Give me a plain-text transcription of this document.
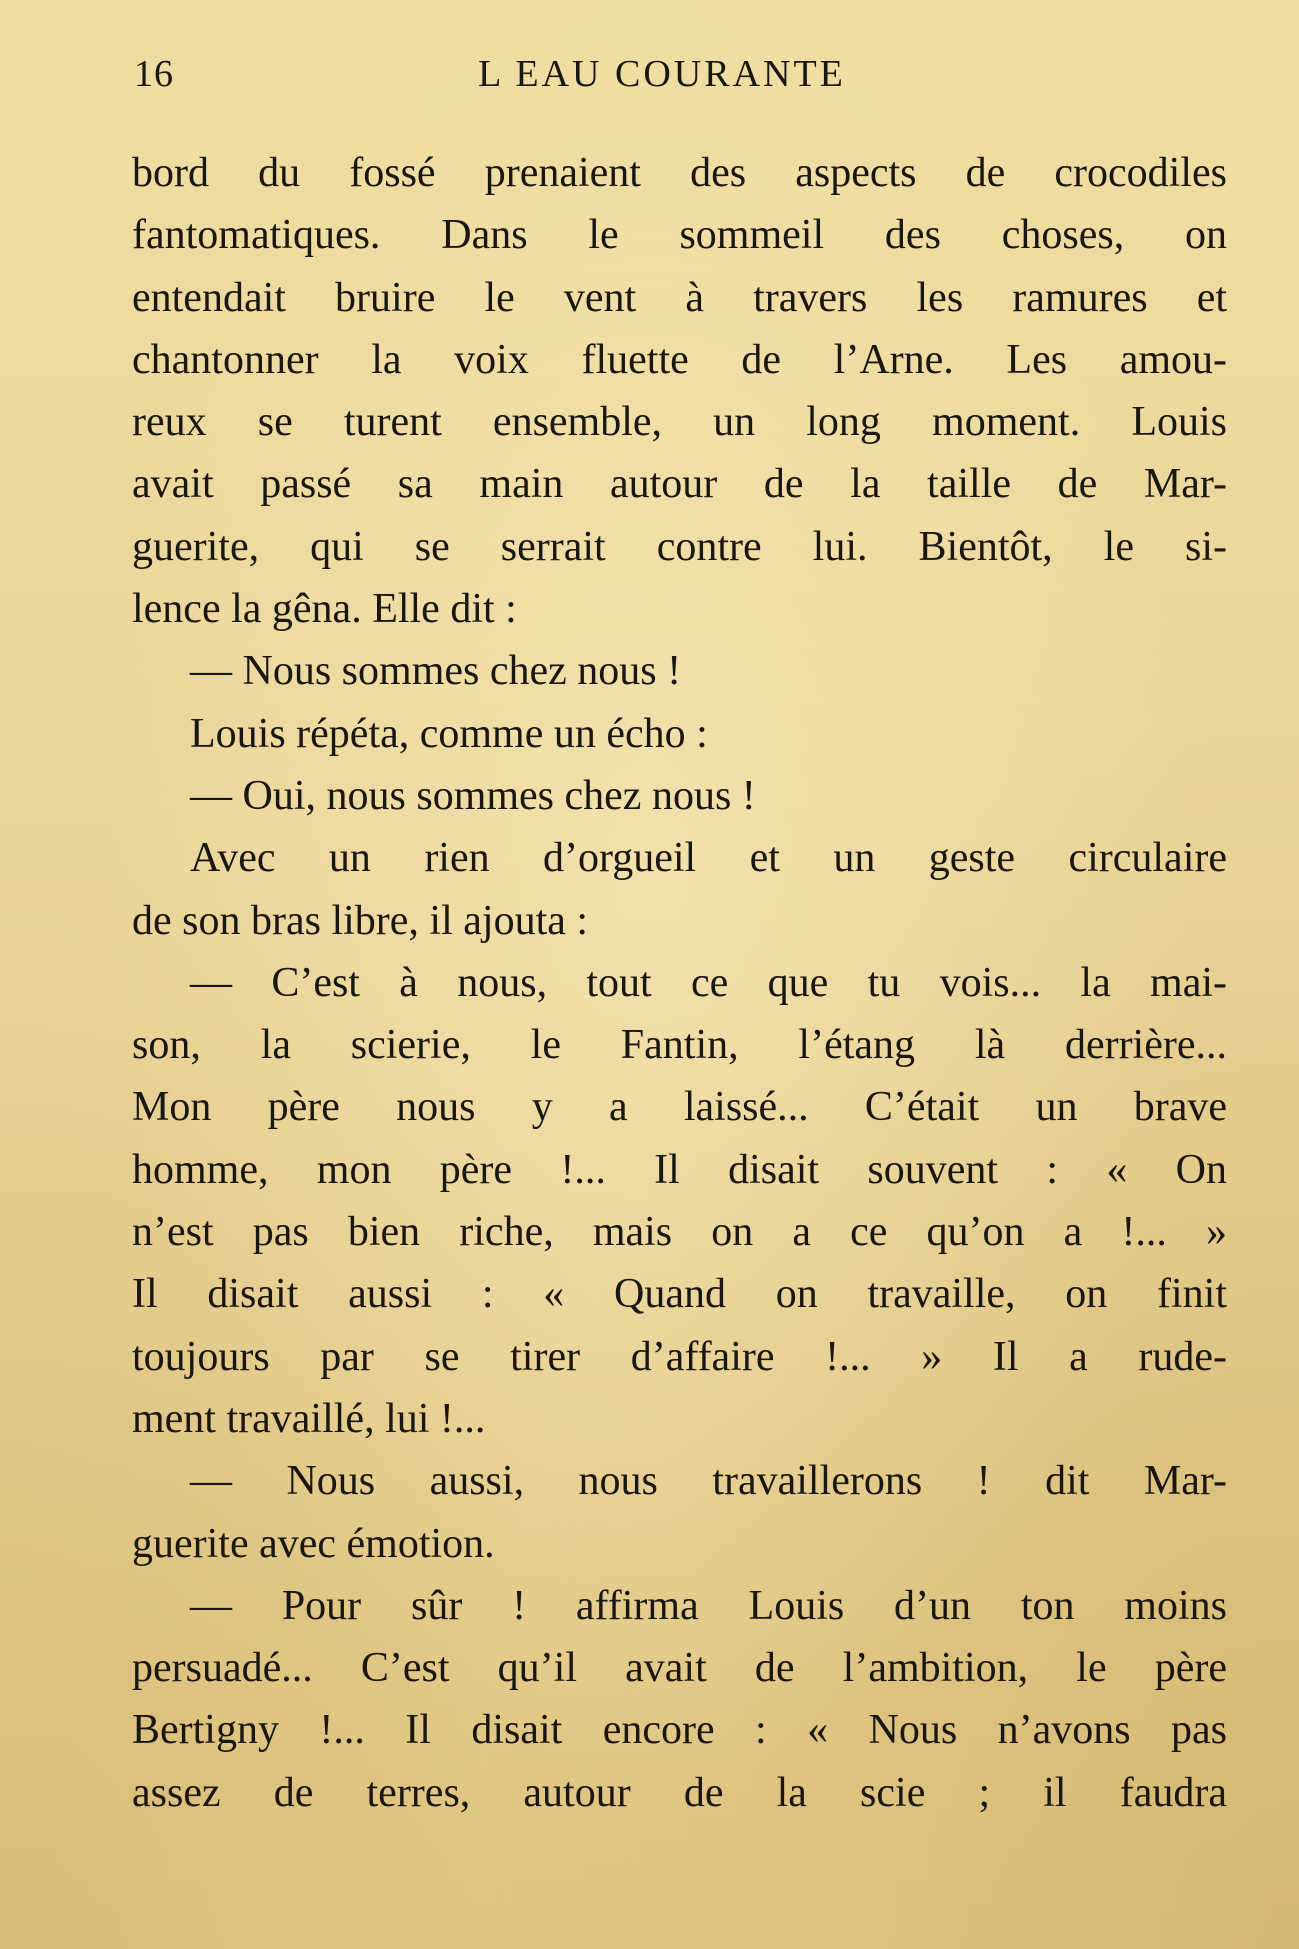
16	L EAU COURANTE
bord du fossé prenaient des aspects de crocodiles
fantomatiques. Dans le sommeil des choses, on
entendait bruire le vent à travers les ramures et
chantonner la voix fluette de l’Arne. Les amou-
reux se turent ensemble, un long moment. Louis
avait passé sa main autour de la taille de Mar-
guerite, qui se serrait contre lui. Bientôt, le si-
lence la gêna. Elle dit :
— Nous sommes chez nous !
Louis répéta, comme un écho :
— Oui, nous sommes chez nous !
Avec un rien d’orgueil et un geste circulaire
de son bras libre, il ajouta :
— C’est à nous, tout ce que tu vois... la mai-
son, la scierie, le Fantin, l’étang là derrière...
Mon père nous y a laissé... C’était un brave
homme, mon père !... Il disait souvent : « On
n’est pas bien riche, mais on a ce qu’on a !... »
Il disait aussi : « Quand on travaille, on finit
toujours par se tirer d’affaire !... » Il a rude-
ment travaillé, lui !...
— Nous aussi, nous travaillerons ! dit Mar-
guerite avec émotion.
— Pour sûr ! affirma Louis d’un ton moins
persuadé... C’est qu’il avait de l’ambition, le père
Bertigny !... Il disait encore : « Nous n’avons pas
assez de terres, autour de la scie ; il faudra
